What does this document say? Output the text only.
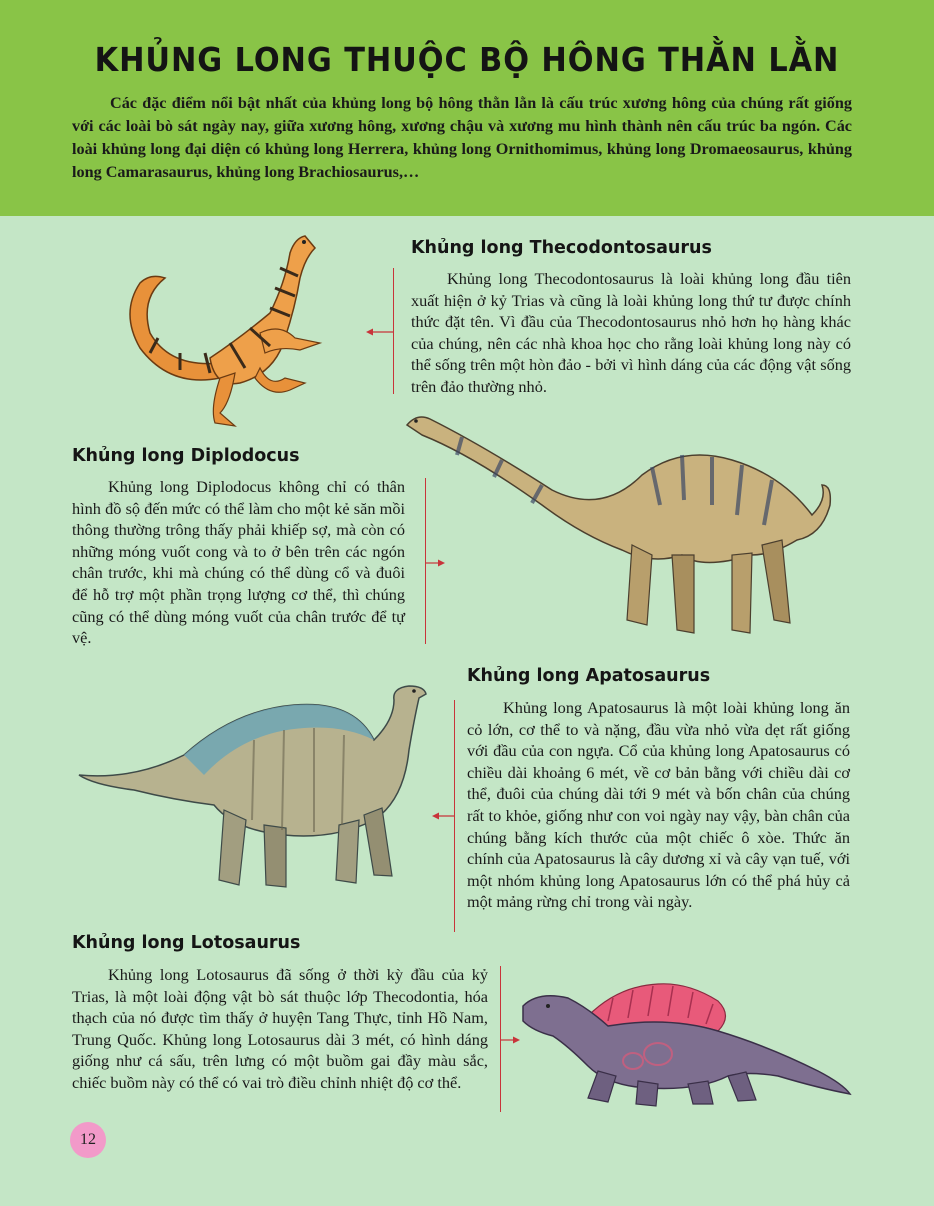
KHỦNG LONG THUỘC BỘ HÔNG THẰN LẰN

Các đặc điểm nổi bật nhất của khủng long bộ hông thằn lằn là cấu trúc xương hông của chúng rất giống với các loài bò sát ngày nay, giữa xương hông, xương chậu và xương mu hình thành nên cấu trúc ba ngón. Các loài khủng long đại diện có khủng long Herrera, khủng long Ornithomimus, khủng long Dromaeosaurus, khủng long Camarasaurus, khủng long Brachiosaurus,…

Khủng long Thecodontosaurus

Khủng long Thecodontosaurus là loài khủng long đầu tiên xuất hiện ở kỷ Trias và cũng là loài khủng long thứ tư được chính thức đặt tên. Vì đầu của Thecodontosaurus nhỏ hơn họ hàng khác của chúng, nên các nhà khoa học cho rằng loài khủng long này có thể sống trên một hòn đảo - bởi vì hình dáng của các động vật sống trên đảo thường nhỏ.

Khủng long Diplodocus

Khủng long Diplodocus không chỉ có thân hình đồ sộ đến mức có thể làm cho một kẻ săn mồi thông thường trông thấy phải khiếp sợ, mà còn có những móng vuốt cong và to ở bên trên các ngón chân trước, khi mà chúng có thể dùng cổ và đuôi để hỗ trợ một phần trọng lượng cơ thể, thì chúng cũng có thể dùng móng vuốt của chân trước để tự vệ.

Khủng long Apatosaurus

Khủng long Apatosaurus là một loài khủng long ăn cỏ lớn, cơ thể to và nặng, đầu vừa nhỏ vừa dẹt rất giống với đầu của con ngựa. Cổ của khủng long Apatosaurus có chiều dài khoảng 6 mét, về cơ bản bằng với chiều dài cơ thể, đuôi của chúng dài tới 9 mét và bốn chân của chúng rất to khỏe, giống như con voi ngày nay vậy, bàn chân của chúng bằng kích thước của một chiếc ô xòe. Thức ăn chính của Apatosaurus là cây dương xỉ và cây vạn tuế, với một nhóm khủng long Apatosaurus lớn có thể phá hủy cả một mảng rừng chỉ trong vài ngày.

Khủng long Lotosaurus

Khủng long Lotosaurus đã sống ở thời kỳ đầu của kỷ Trias, là một loài động vật bò sát thuộc lớp Thecodontia, hóa thạch của nó được tìm thấy ở huyện Tang Thực, tỉnh Hồ Nam, Trung Quốc. Khủng long Lotosaurus dài 3 mét, có hình dáng giống như cá sấu, trên lưng có một buồm gai đầy màu sắc, chiếc buồm này có thể có vai trò điều chỉnh nhiệt độ cơ thể.

12
